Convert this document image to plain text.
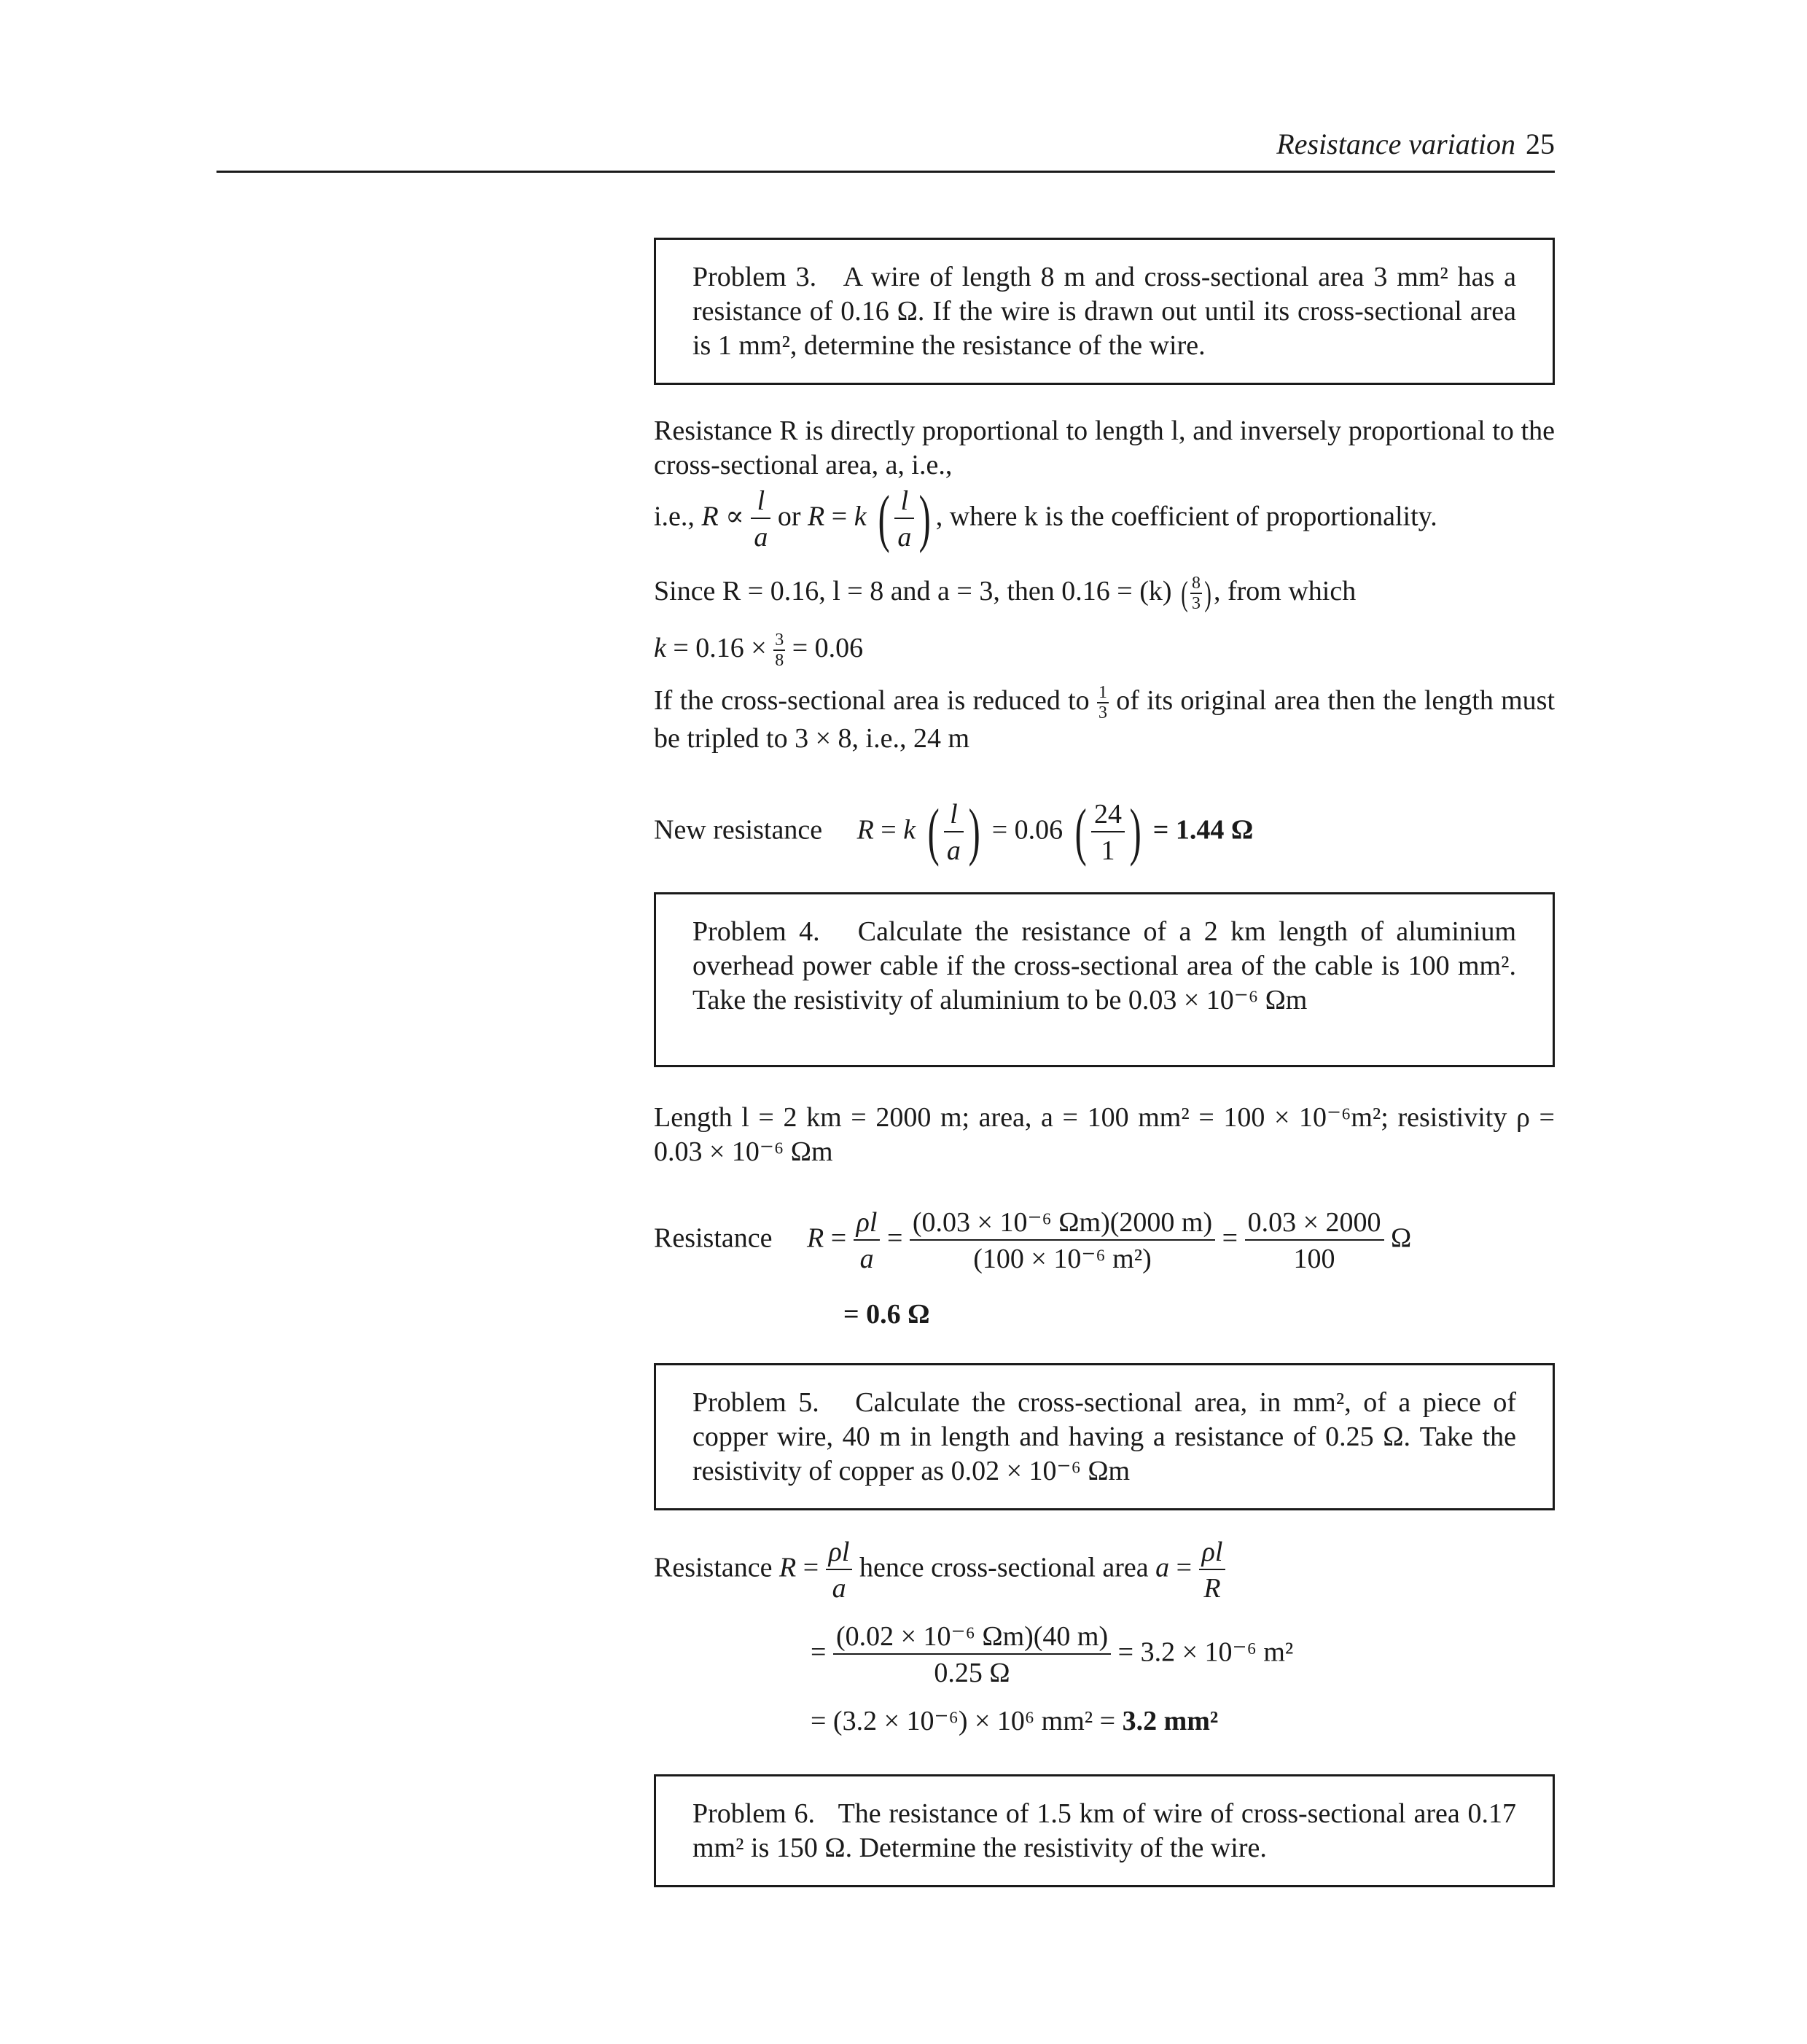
Resistance variation 25

Problem 3. A wire of length 8 m and cross-sectional area 3 mm² has a resistance of 0.16 Ω. If the wire is drawn out until its cross-sectional area is 1 mm², determine the resistance of the wire.

Resistance R is directly proportional to length l, and inversely proportional to the cross-sectional area, a, i.e.,

i.e., $R \propto \frac{l}{a}$ or R = k ( $\frac{l}{a}$ ) , where k is the coefficient of proportionality.
Since R = 0.16, l = 8 and a = 3, then 0.16 = (k) ( $\frac{8}{3}$ ), from which
$k = 0.16 \times \frac{3}{8} = 0.06$

If the cross-sectional area is reduced to $\frac{1}{3}$ of its original area then the length must be tripled to 3 × 8, i.e., 24 m

New resistance R = k ( $\frac{l}{a}$ ) = 0.06 ( $\frac{24}{1}$ ) = 1.44 Ω

Problem 4. Calculate the resistance of a 2 km length of aluminium overhead power cable if the cross-sectional area of the cable is 100 mm². Take the resistivity of aluminium to be 0.03 × 10⁻⁶ Ωm

Length l = 2 km = 2000 m; area, a = 100 mm² = 100 × 10⁻⁶m²; resistivity ρ = 0.03 × 10⁻⁶ Ωm

Resistance $R = \frac{\rho l}{a} = \frac{\text{(0.03 × 10⁻⁶ Ωm)(2000 m)}}{\text{(100 × 10⁻⁶ m²)}} = \frac{0.03 \times 2000}{100}$ Ω
= 0.6 Ω

Problem 5. Calculate the cross-sectional area, in mm², of a piece of copper wire, 40 m in length and having a resistance of 0.25 Ω. Take the resistivity of copper as 0.02 × 10⁻⁶ Ωm

Resistance $R = \frac{\rho l}{a}$ hence cross-sectional area $a = \frac{\rho l}{R}$
= $\frac{\text{(0.02 × 10⁻⁶ Ωm)(40 m)}}{0.25 \Omega} = 3.2 \times 10^{-6}$ m²
= (3.2 × 10⁻⁶) × 10⁶ mm² = 3.2 mm²

Problem 6. The resistance of 1.5 km of wire of cross-sectional area 0.17 mm² is 150 Ω. Determine the resistivity of the wire.
